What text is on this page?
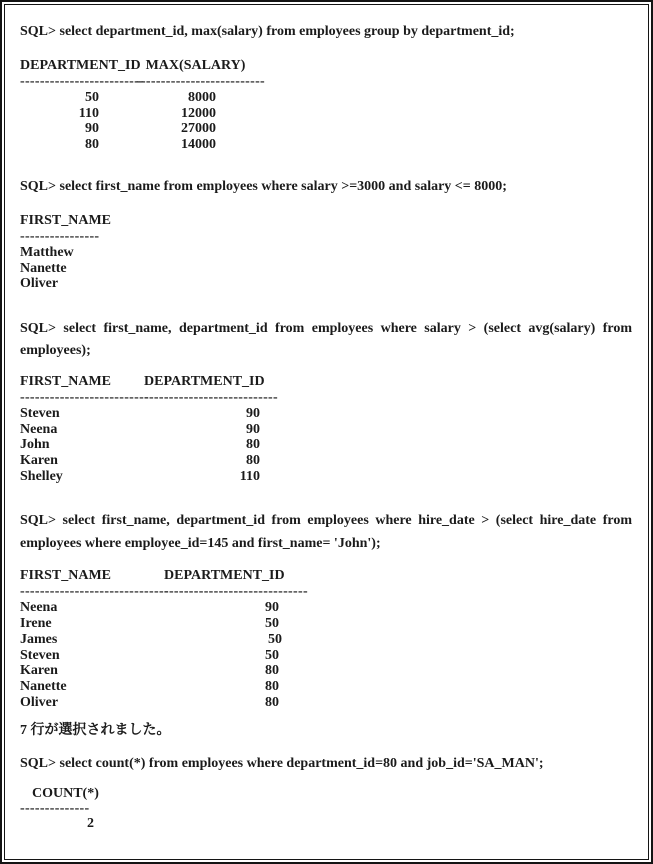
SQL> select department_id, max(salary) from employees group by department_id;
DEPARTMENT_ID MAX(SALARY)
-------------------------
--------------------------
50	8000
110	12000
90	27000
80	14000
SQL> select first_name from employees where salary >=3000 and salary <= 8000;
FIRST_NAME
----------------
Matthew
Nanette
Oliver
SQL> select first_name, department_id from employees where salary > (select avg(salary) from
employees);
FIRST_NAME	DEPARTMENT_ID
--------------------------
---------------------------
Steven	90
Neena	90
John	80
Karen	80
Shelley	110
SQL> select first_name, department_id from employees where hire_date > (select hire_date from
employees where employee_id=145 and first_name= 'John');
FIRST_NAME	DEPARTMENT_ID
------------------------------
-----------------------------
Neena	90
Irene	50
James	50
Steven	50
Karen	80
Nanette	80
Oliver	80
7 行が選択されました。
SQL> select count(*) from employees where department_id=80 and job_id='SA_MAN';
COUNT(*)
--------------
2
